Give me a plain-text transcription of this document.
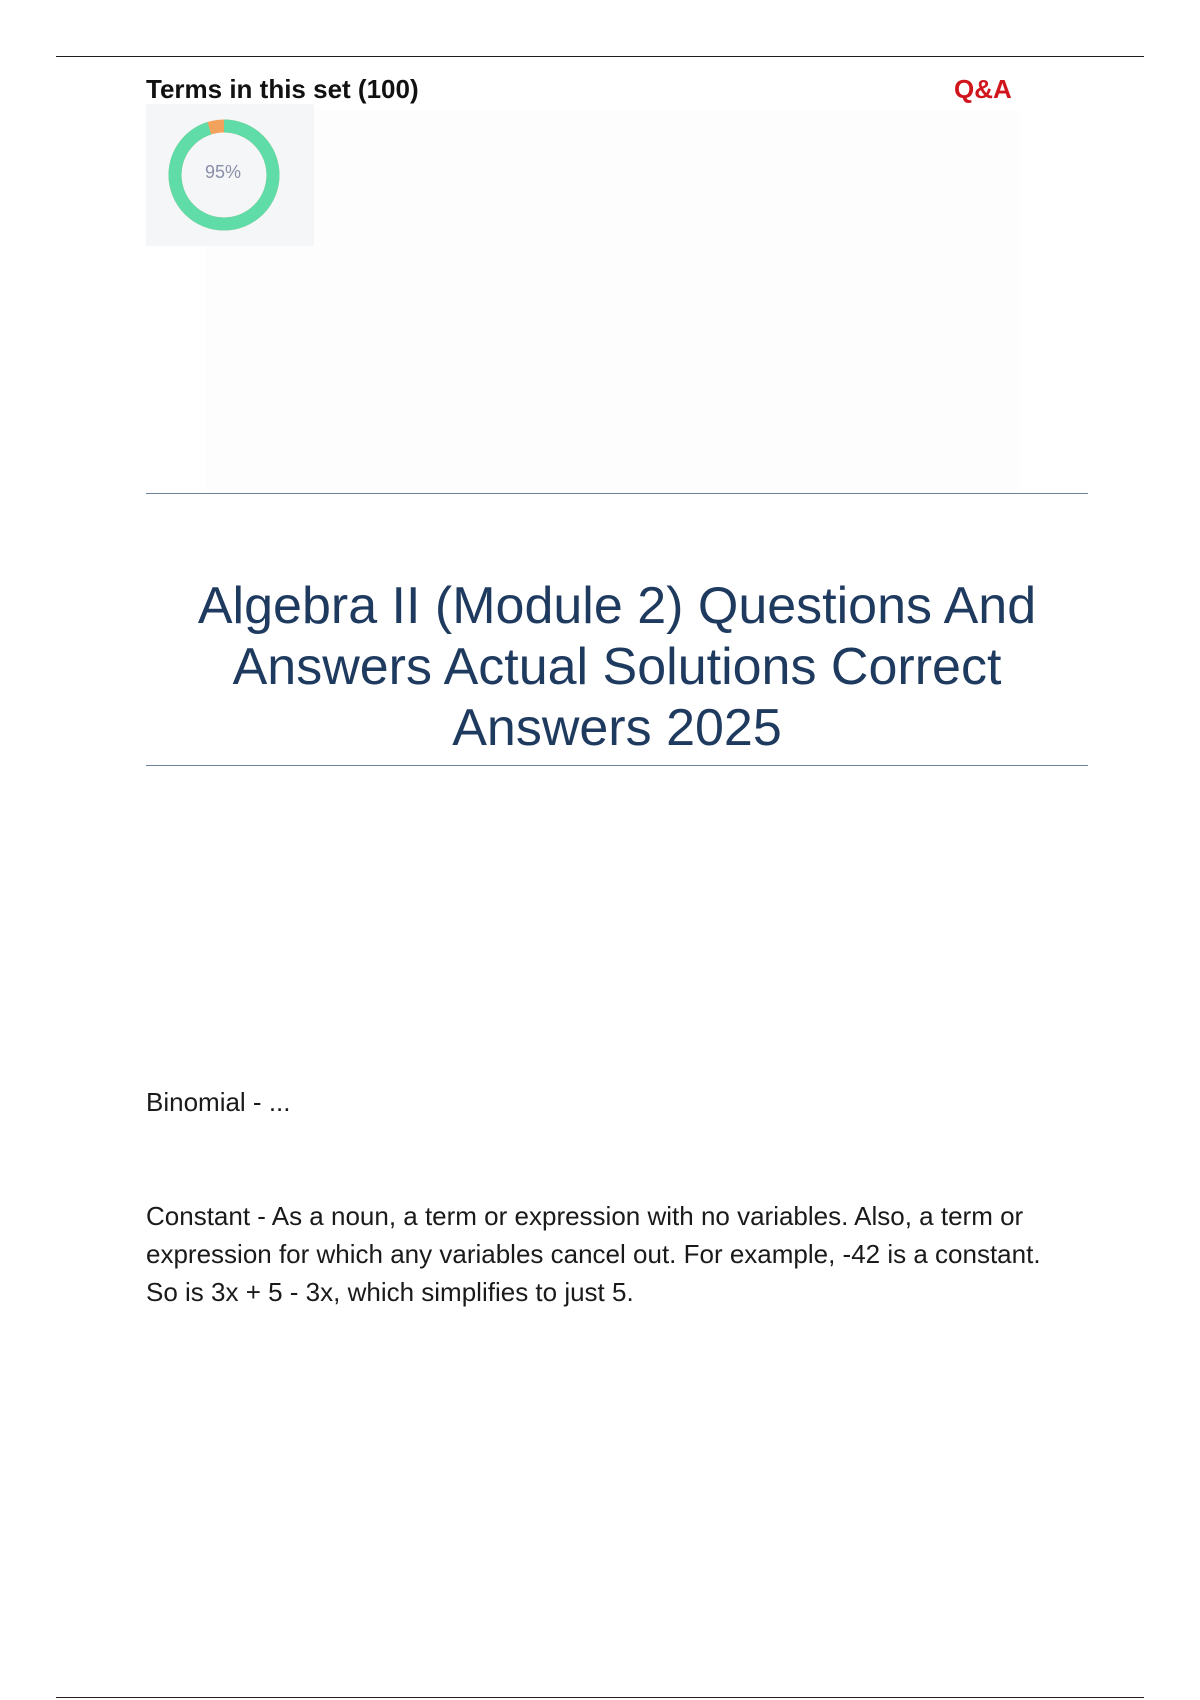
Terms in this set (100)	Q&A
95%
Algebra II (Module 2) Questions And Answers Actual Solutions Correct Answers 2025
Binomial - ...
Constant - As a noun, a term or expression with no variables. Also, a term or expression for which any variables cancel out. For example, -42 is a constant. So is 3x + 5 - 3x, which simplifies to just 5.
